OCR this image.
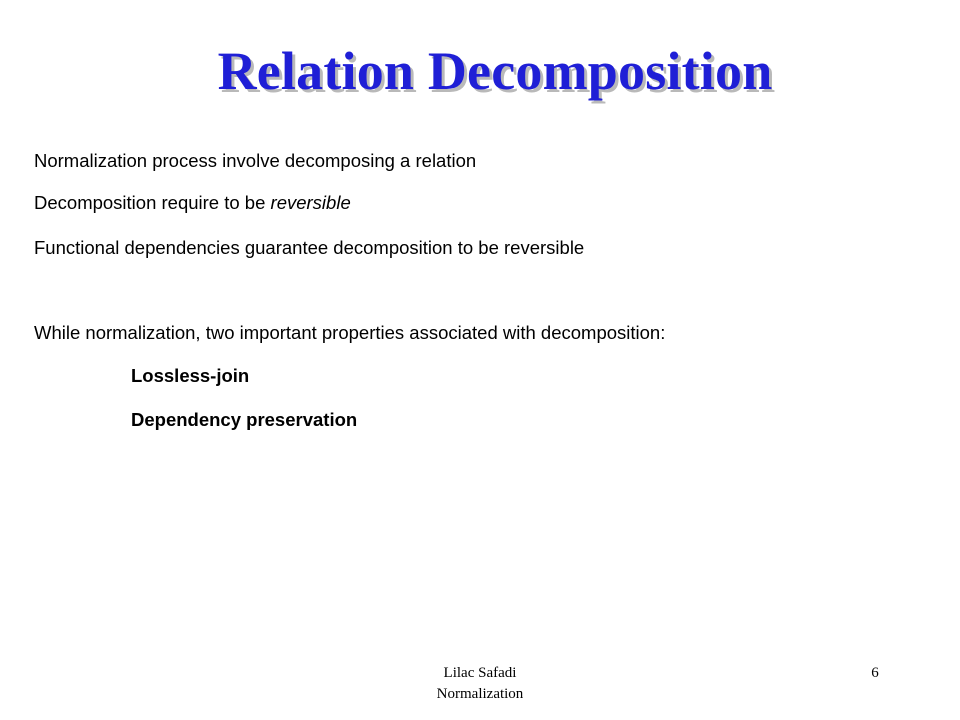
Relation Decomposition
Normalization process involve decomposing a relation
Decomposition require to be reversible
Functional dependencies guarantee decomposition to be reversible
While normalization, two important properties associated with decomposition:
Lossless-join
Dependency preservation
Lilac Safadi
Normalization
6
